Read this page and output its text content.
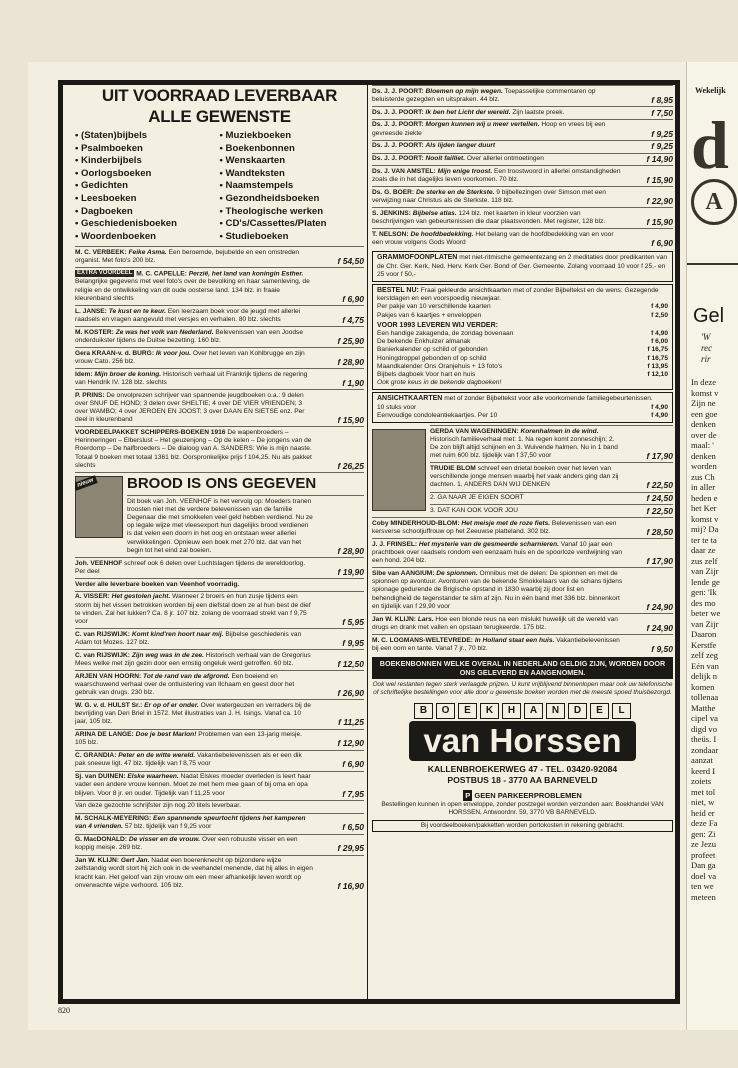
UIT VOORRAAD LEVERBAAR

ALLE GEWENSTE

• (Staten)bijbels
• Psalmboeken
• Kinderbijbels
• Oorlogsboeken
• Gedichten
• Leesboeken
• Dagboeken
• Geschiedenisboeken
• Woordenboeken
• Muziekboeken
• Boekenbonnen
• Wenskaarten
• Wandteksten
• Naamstempels
• Gezondheidsboeken
• Theologische werken
• CD's/Cassettes/Platen
• Studieboeken
M. C. VERBEEK: Feike Asma. Een beroemde, bejubelde en een omstreden organist. Met foto's 200 blz.	f 54,50
EXTRA VOORDEEL M. C. CAPELLE: Perzië, het land van koningin Esther. Belangrijke gegevens met veel foto's over de bevolking en haar samenleving, de religie en de ontwikkeling van dit oude oosterse land. 134 blz. in fraaie kleurenband slechts	f 6,90
L. JANSE: Te kust en te keur. Een leerzaam boek voor de jeugd met allerlei raadsels en vragen aangevuld met versjes en verhalen. 80 blz. slechts	f 4,75
M. KOSTER: Ze was het volk van Nederland. Belevenissen van een Joodse onderduikster tijdens de Duitse bezetting. 160 blz.	f 25,90
Gera KRAAN-v. d. BURG: Ik voor jou. Over het leven van Kohlbrugge en zijn vrouw Cato. 256 blz.	f 28,90
Idem: Mijn broer de koning. Historisch verhaal uit Frankrijk tijdens de regering van Hendrik IV. 128 blz. slechts	f 1,90
P. PRINS: De onvolprezen schrijver van spannende jeugdboeken o.a.: 9 delen over SNUF DE HOND; 3 delen over SHELTIE; 4 over DE VIER VRIENDEN; 3 over WAMBO; 4 over JEROEN EN JOOST; 3 over DAAN EN SIETSE enz. Per deel in kleurenband	f 15,90
VOORDEELPAKKET SCHIPPERS-BOEKEN 1916 De wapenbroeders – Herinneringen – Elberslust – Het geuzenjong – Op de kelen – De jongens van de Roerdomp – De halfbroeders – De dialoog van A. SANDERS: Wie is mijn naaste. Totaal 9 boeken met totaal 1361 blz. Oorspronkelijke prijs f 104,25. Nu als pakket slechts	f 26,25
nieuw	BROOD IS ONS GEGEVEN

Dit boek van Joh. VEENHOF is het vervolg op: Moeders tranen troosten niet met de verdere belevenissen van de familie Degenaar die met smokkelen veel geld hebben verdiend. Nu ze op legale wijze met vleesexport hun dagelijks brood verdienen is dat velen een doorn in het oog en ontstaan weer allerlei verwikkelingen. Opnieuw een boek met 270 blz. dat van het begin tot het eind zal boeien.	f 28,90
Joh. VEENHOF schreef ook 6 delen over Luchtslagen tijdens de wereldoorlog. Per deel	f 19,90
Verder alle leverbare boeken van Veenhof voorradig.
A. VISSER: Het gestolen jacht. Wanneer 2 broers en hun zusje tijdens een storm bij het vissen betrokken worden bij een diefstal doen ze al hun best de dief te vinden. Zal het lukken? Ca. 8 jr. 107 blz. zolang de voorraad strekt van f 9,75 voor	f 5,95
C. van RIJSWIJK: Komt kind'ren hoort naar mij. Bijbelse geschiedenis van Adam tot Mozes. 127 blz.	f 9,95
C. van RIJSWIJK: Zijn weg was in de zee. Historisch verhaal van de Gregorius Mees welke met zijn gezin door een ernstig ongeluk werd getroffen. 60 blz.	f 12,50
ARJEN VAN HOORN: Tot de rand van de afgrond. Een boeiend en waarschuwend verhaal over de ontluistering van Ilchaam en geest door het gebruik van drugs. 230 blz.	f 26,90
W. G. v. d. HULST Sr.: Er op of er onder. Over watergeuzen en verraders bij de bevrijding van Den Briel in 1572. Met illustraties van J. H. Isings. Vanaf ca. 10 jaar, 105 blz.	f 11,25
ARINA DE LANGE: Doe je best Marion! Problemen van een 13-jarig meisje. 105 blz.	f 12,90
C. GRANDIA: Peter en de witte wereld. Vakantiebelevenissen als er een dik pak sneeuw ligt. 47 blz. tijdelijk van f 8,75 voor	f 6,90
Sj. van DUINEN: Elske waarheen. Nadat Elskes moeder overleden is leert haar vader een andere vrouw kennen. Moet ze met hem mee gaan of bij oma en opa blijven. Voor 8 jr. en ouder. Tijdelijk van f 11,25 voor	f 7,95
Van deze gezochte schrijfster zijn nog 20 titels leverbaar.
M. SCHALK-MEYERING: Een spannende speurtocht tijdens het kamperen van 4 vrienden. 57 blz. tijdelijk van f 9,25 voor	f 6,50
G. MacDONALD: De visser en de vrouw. Over een robuuste visser en een koppig meisje. 269 blz.	f 29,95
Jan W. KLIJN: Gert Jan. Nadat een boerenknecht op bijzondere wijze zelfstandig wordt stort hij zich ook in de veehandel menende, dat hij alles in eigen kracht kan. Het geloof van zijn vrouw om een meer afhankelijk leven wordt op onverwachte wijze verhoord. 105 blz.	f 16,90
Ds. J. J. POORT: Bloemen op mijn wegen. Toepasselijke commentaren op beluisterde gezegden en uitspraken. 44 blz.	f 8,95
Ds. J. J. POORT: Ik ben het Licht der wereld. Zijn laatste preek.	f 7,50
Ds. J. J. POORT: Morgen kunnen wij u meer vertellen. Hoop en vrees bij een gevreesde ziekte	f 9,25
Ds. J. J. POORT: Als lijden langer duurt	f 9,25
Ds. J. J. POORT: Nooit failliet. Over allerlei ontmoetingen	f 14,90
Ds. J. VAN AMSTEL: Mijn enige troost. Een troostwoord in allerlei omstandigheden zoals die in het dagelijks leven voorkomen. 70 blz.	f 15,90
Ds. G. BOER: De sterke en de Sterkste. 9 bijbellezingen over Simson met een verwijzing naar Christus als de Sterkste. 118 blz.	f 22,90
S. JENKINS: Bijbelse atlas. 124 blz. met kaarten in kleur voorzien van beschrijvingen van gebeurtenissen die daar plaatsvonden. Met register, 128 blz.	f 15,90
T. NELSON: De hoofdbedekking. Het belang van de hoofdbedekking van en voor een vrouw volgens Gods Woord	f 6,90
GRAMMOFOONPLATEN met niet-ritmische gemeentezang en 2 meditaties door predikanten van de Chr. Ger. Kerk, Ned. Herv. Kerk Ger. Bond of Ger. Gemeente. Zolang voorraad 10 voor f 25,- en 25 voor f 50,-
BESTEL NU: Fraai gekleurde ansichtkaarten met of zonder Bijbeltekst en de wens: Gezegende kerstdagen en een voorspoedig nieuwjaar.
Per pakje van 10 verschillende kaarten	f 4,90
Pakjes van 6 kaartjes + enveloppen	f 2,50
VOOR 1993 LEVEREN WIJ VERDER:
Een handige zakagenda, de zondag bovenaan	f 4,90
De bekende Enkhuizer almanak	f 6,00
Banierkalender op schild of gebonden	f 16,75
Honingdroppel gebonden of op schild	f 16,75
Maandkalender Ons Oranjehuis + 13 foto's	f 13,95
Bijbels dagboek Voor hart en huis	f 12,10
Ook grote keus in de bekende dagboeken!
ANSICHTKAARTEN met of zonder Bijbeltekst voor alle voorkomende familiegebeurtenissen.
10 stuks voor	f 4,90
Eenvoudige condoleantiekaartjes. Per 10	f 4,90
GERDA VAN WAGENINGEN: Korenhalmen in de wind. Historisch familieverhaal met: 1. Na regen komt zonneschijn; 2. De zon blijft altijd schijnen en 3. Wuivende halmen. Nu in 1 band met ruim 600 blz. tijdelijk van f 37,50 voor	f 17,90
TRUDIE BLOM schreef een drietal boeken over het leven van verschillende jonge mensen waarbij het vaak anders ging dan zij dachten. 1. ANDERS DAN WIJ DENKEN	f 22,50
2. GA NAAR JE EIGEN SOORT	f 24,50
3. DAT KAN OOK VOOR JOU	f 22,50
Coby MINDERHOUD-BLOM: Het meisje met de roze fiets. Belevenissen van een kersverse schooljuffrouw op het Zeeuwse platteland. 302 blz.	f 28,50
J. J. FRINSEL: Het mysterie van de gesmeerde scharnieren. Vanaf 10 jaar een prachtboek over raadsels rondom een eenzaam huis en de spoorloze verdwijning van een hond. 204 blz.	f 17,90
Sibe van AANGIUM: De spionnen. Omnibus met de delen: De spionnen en met de spionnen op avontuur. Avonturen van de bekende Smokkelaars van de schans tijdens spionage gedurende de Brigische opstand in 1830 waarbij zij door list en behendigheid de tegenstander te slim af zijn. Nu in één band met 336 blz. binnenkort en tijdelijk van f 29,90 voor	f 24,90
Jan W. KLIJN: Lars. Hoe een blonde reus na een mislukt huwelijk uit de wereld van drugs en drank met vallen en opstaan terugkeerde. 175 blz.	f 24,90
M. C. LOGMANS-WELTEVREDE: In Holland staat een huis. Vakantiebelevenissen bij een oom en tante. Vanaf 7 jr., 70 blz.	f 9,50
BOEKENBONNEN WELKE OVERAL IN NEDERLAND GELDIG ZIJN, WORDEN DOOR ONS GELEVERD EN AANGENOMEN.
Ook wel restanten tegen sterk verlaagde prijzen. U kunt vrijblijvend binnenlopen maar ook uw telefonische of schriftelijke bestellingen voor alle door u gewenste boeken worden met de meeste spoed thuisbezorgd.
B O E K H A N D E L
van Horssen
KALLENBROEKERWEG 47 - TEL. 03420-92084
POSTBUS 18 - 3770 AA BARNEVELD
P GEEN PARKEERPROBLEMEN
Bestellingen kunnen in open enveloppe, zonder postzegel worden verzonden aan: Boekhandel VAN HORSSEN, Antwoordnr. 59, 3770 VB BARNEVELD.
Bij voordeelboeken/pakketten worden portokosten in rekening gebracht.
820
Wekelijk
d
A
Gel
'W
rec
rir
In deze
komst v
Zijn ne
een goe
denken
over de
maal: '
denken
worden
zus Ch
in aller
heden e
het Ker
komst v
mij? Da
ter te ta
daar ze
zus zelf
van Zijr
lende ge
gen: 'Ik
des mo
beter we
van Zijr
Daaron
Kerstfe
zelf zeg
Eén van
delijk n
komen
tollenaa
Matthe
cipel va
digd vo
theüs. I
zondaar
aanzat
keerd I
zoiets
met tol
niet, w
heid er
deze Fa
gen: Zi
ze Jezu
profeet
Dan ga
doel va
ten we
meteen
